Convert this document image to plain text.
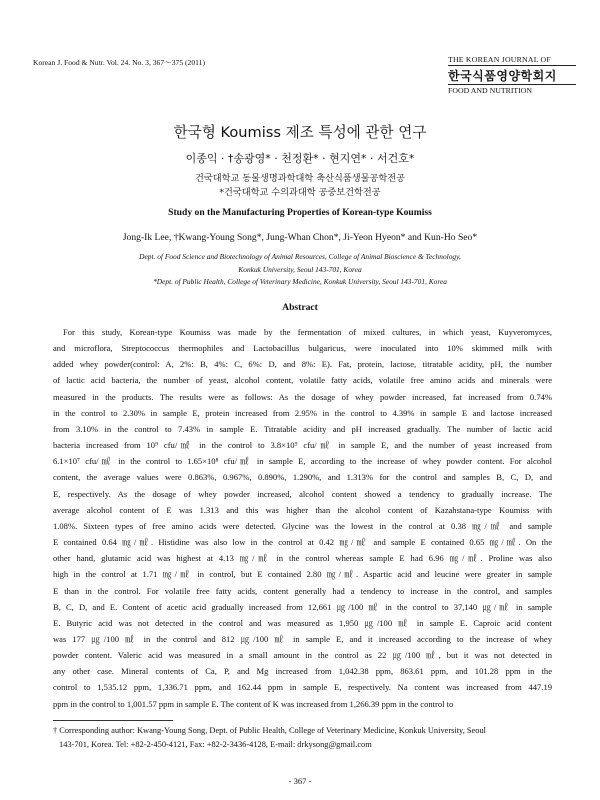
Korean J. Food & Nutr. Vol. 24. No. 3, 367～375 (2011)	THE KOREAN JOURNAL OF
한국식품영양학회지
FOOD AND NUTRITION
한국형 Koumiss 제조 특성에 관한 연구
이종익 · †송광영* · 천정환* · 현지연* · 서건호*
건국대학교 동물생명과학대학 축산식품생물공학전공
*건국대학교 수의과대학 공중보건학전공
Study on the Manufacturing Properties of Korean-type Koumiss
Jong-Ik Lee, †Kwang-Young Song*, Jung-Whan Chon*, Ji-Yeon Hyeon* and Kun-Ho Seo*
Dept. of Food Science and Biotechnology of Animal Resources, College of Animal Bioscience & Technology,
Konkuk University, Seoul 143-701, Korea
*Dept. of Public Health, College of Veterinary Medicine, Konkuk University, Seoul 143-701, Korea
Abstract
For this study, Korean-type Koumiss was made by the fermentation of mixed cultures, in which yeast, Kuyveromyces,
and microflora, Streptococcus thermophiles and Lactobacillus bulgaricus, were inoculated into 10% skimmed milk with
added whey powder(control: A, 2%: B, 4%: C, 6%: D, and 8%: E). Fat, protein, lactose, titratable acidity, pH, the number
of lactic acid bacteria, the number of yeast, alcohol content, volatile fatty acids, volatile free amino acids and minerals were
measured in the products. The results were as follows: As the dosage of whey powder increased, fat increased from 0.74%
in the control to 2.30% in sample E, protein increased from 2.95% in the control to 4.39% in sample E and lactose increased
from 3.10% in the control to 7.43% in sample E. Titratable acidity and pH increased gradually. The number of lactic acid
bacteria increased from 10⁹ cfu/㎖ in the control to 3.8×10⁹ cfu/㎖ in sample E, and the number of yeast increased from
6.1×10⁷ cfu/㎖ in the control to 1.65×10⁸ cfu/㎖ in sample E, according to the increase of whey powder content. For alcohol
content, the average values were 0.863%, 0.967%, 0.890%, 1.290%, and 1.313% for the control and samples B, C, D, and
E, respectively. As the dosage of whey powder increased, alcohol content showed a tendency to gradually increase. The
average alcohol content of E was 1.313 and this was higher than the alcohol content of Kazahstana-type Koumiss with
1.08%. Sixteen types of free amino acids were detected. Glycine was the lowest in the control at 0.38 ㎎/㎖ and sample
E contained 0.64 ㎎/㎖. Histidine was also low in the control at 0.42 ㎎/㎖ and sample E contained 0.65 ㎎/㎖. On the
other hand, glutamic acid was highest at 4.13 ㎎/㎖ in the control whereas sample E had 6.96 ㎎/㎖. Proline was also
high in the control at 1.71 ㎎/㎖ in control, but E contained 2.80 ㎎/㎖. Aspartic acid and leucine were greater in sample
E than in the control. For volatile free fatty acids, content generally had a tendency to increase in the control, and samples
B, C, D, and E. Content of acetic acid gradually increased from 12,661 ㎍/100 ㎖ in the control to 37,140 ㎍/㎖ in sample
E. Butyric acid was not detected in the control and was measured as 1,950 ㎍/100 ㎖ in sample E. Caproic acid content
was 177 ㎍/100 ㎖ in the control and 812 ㎍/100 ㎖ in sample E, and it increased according to the increase of whey
powder content. Valeric acid was measured in a small amount in the control as 22 ㎍/100 ㎖, but it was not detected in
any other case. Mineral contents of Ca, P, and Mg increased from 1,042.38 ppm, 863.61 ppm, and 101.28 ppm in the
control to 1,535.12 ppm, 1,336.71 ppm, and 162.44 ppm in sample E, respectively. Na content was increased from 447.19
ppm in the control to 1,001.57 ppm in sample E. The content of K was increased from 1,266.39 ppm in the control to
- 367 -
† Corresponding author: Kwang-Young Song, Dept. of Public Health, College of Veterinary Medicine, Konkuk University, Seoul
143-701, Korea. Tel: +82-2-450-4121, Fax: +82-2-3436-4128, E-mail: drkysong@gmail.com
